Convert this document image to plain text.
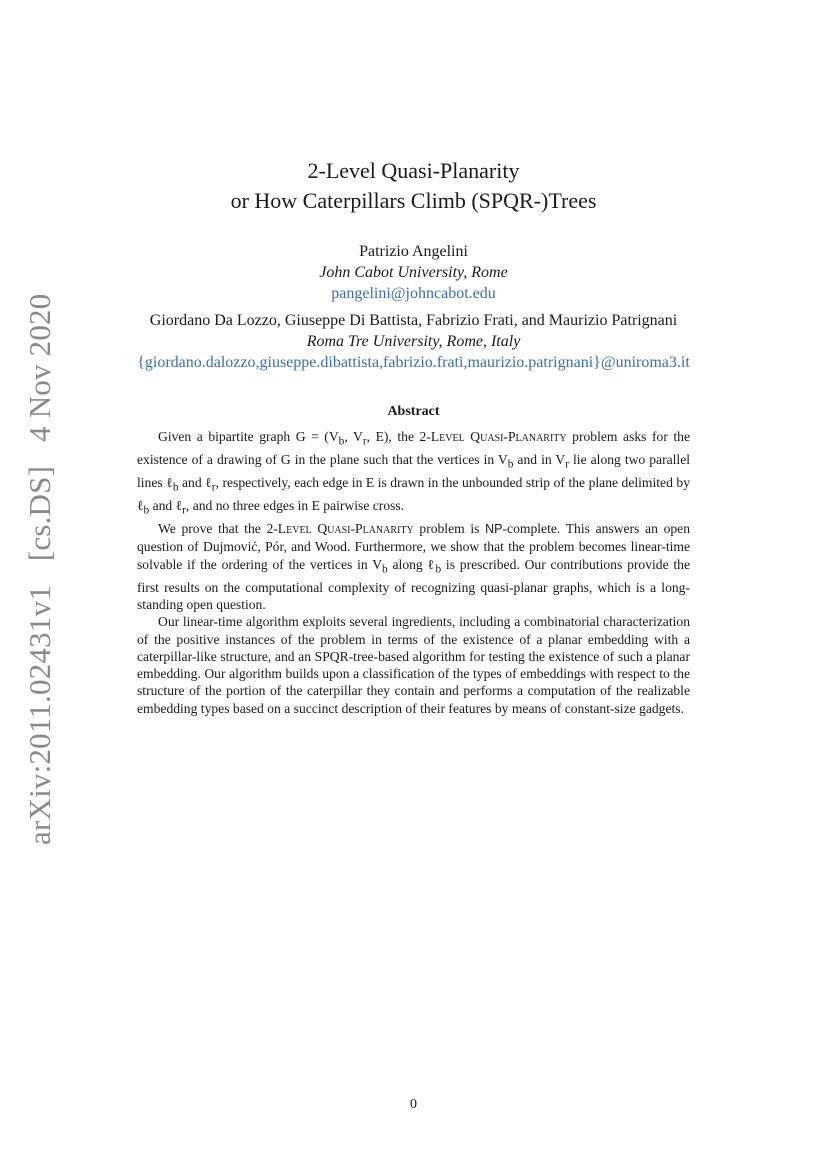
arXiv:2011.02431v1 [cs.DS] 4 Nov 2020
2-Level Quasi-Planarity
or How Caterpillars Climb (SPQR-)Trees
Patrizio Angelini
John Cabot University, Rome
pangelini@johncabot.edu
Giordano Da Lozzo, Giuseppe Di Battista, Fabrizio Frati, and Maurizio Patrignani
Roma Tre University, Rome, Italy
{giordano.dalozzo,giuseppe.dibattista,fabrizio.frati,maurizio.patrignani}@uniroma3.it
Abstract

Given a bipartite graph $G = (V_b$, $V_r$, E), the 2-Level Quasi-Planarity problem asks for the existence of a drawing of G in the plane such that the vertices in $V_b$ and in $V_r$ lie along two parallel lines ℓ$_b$ and ℓ$_r$, respectively, each edge in E is drawn in the unbounded strip of the plane delimited by ℓ$_b$ and ℓ$_r$, and no three edges in E pairwise cross.

We prove that the 2-Level Quasi-Planarity problem is NP-complete. This answers an open question of Dujmović, Pór, and Wood. Furthermore, we show that the problem becomes linear-time solvable if the ordering of the vertices in $V_b$ along ℓ$_b$ is prescribed. Our contributions provide the first results on the computational complexity of recognizing quasi-planar graphs, which is a long-standing open question.

Our linear-time algorithm exploits several ingredients, including a combinatorial characterization of the positive instances of the problem in terms of the existence of a planar embedding with a caterpillar-like structure, and an SPQR-tree-based algorithm for testing the existence of such a planar embedding. Our algorithm builds upon a classification of the types of embeddings with respect to the structure of the portion of the caterpillar they contain and performs a computation of the realizable embedding types based on a succinct description of their features by means of constant-size gadgets.

0
